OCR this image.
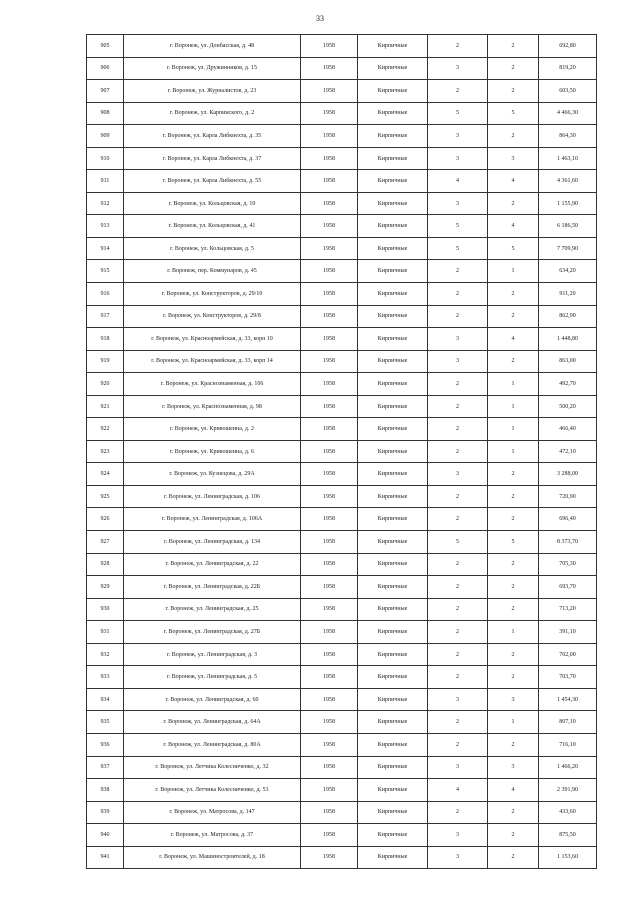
33
905	г. Воронеж, ул. Донбасская, д. 48	1958	Кирпичные	2	2	692,80
906	г. Воронеж, ул. Дружинников, д. 15	1958	Кирпичные	3	2	819,20
907	г. Воронеж, ул. Журналистов, д. 23	1958	Кирпичные	2	2	603,50
908	г. Воронеж, ул. Карпинского, д. 2	1958	Кирпичные	5	5	4 466,30
909	г. Воронеж, ул. Карла Либкнехта, д. 35	1958	Кирпичные	3	2	864,30
910	г. Воронеж, ул. Карла Либкнехта, д. 37	1958	Кирпичные	3	3	1 463,10
911	г. Воронеж, ул. Карла Либкнехта, д. 55	1958	Кирпичные	4	4	4 361,60
912	г. Воронеж, ул. Кольцовская, д. 10	1958	Кирпичные	3	2	1 155,90
913	г. Воронеж, ул. Кольцовская, д. 41	1958	Кирпичные	5	4	6 186,50
914	г. Воронеж, ул. Кольцовская, д. 5	1958	Кирпичные	5	5	7 709,90
915	г. Воронеж, пер. Коммунаров, д. 45	1958	Кирпичные	2	1	634,20
916	г. Воронеж, ул. Конструкторов, д. 29/10	1958	Кирпичные	2	2	911,20
917	г. Воронеж, ул. Конструкторов, д. 29/8	1958	Кирпичные	2	2	862,90
918	г. Воронеж, ул. Красноармейская, д. 33, корп 10	1958	Кирпичные	3	4	1 448,80
919	г. Воронеж, ул. Красноармейская, д. 33, корп 14	1958	Кирпичные	3	2	863,00
920	г. Воронеж, ул. Краснознаменная, д. 106	1958	Кирпичные	2	1	492,70
921	г. Воронеж, ул. Краснознаменная, д. 98	1958	Кирпичные	2	1	500,20
922	г. Воронеж, ул. Кривошеина, д. 2	1958	Кирпичные	2	1	466,40
923	г. Воронеж, ул. Кривошеина, д. 6	1958	Кирпичные	2	1	472,10
924	г. Воронеж, ул. Кузнецова, д. 29А	1958	Кирпичные	3	2	3 288,00
925	г. Воронеж, ул. Ленинградская, д. 106	1958	Кирпичные	2	2	720,90
926	г. Воронеж, ул. Ленинградская, д. 106А	1958	Кирпичные	2	2	696,40
927	г. Воронеж, ул. Ленинградская, д. 134	1958	Кирпичные	5	5	8 373,70
928	г. Воронеж, ул. Ленинградская, д. 22	1958	Кирпичные	2	2	705,30
929	г. Воронеж, ул. Ленинградская, д. 22Б	1958	Кирпичные	2	2	693,70
930	г. Воронеж, ул. Ленинградская, д. 25	1958	Кирпичные	2	2	713,20
931	г. Воронеж, ул. Ленинградская, д. 27Б	1958	Кирпичные	2	1	391,10
932	г. Воронеж, ул. Ленинградская, д. 3	1958	Кирпичные	2	2	702,00
933	г. Воронеж, ул. Ленинградская, д. 5	1958	Кирпичные	2	2	703,70
934	г. Воронеж, ул. Ленинградская, д. 60	1958	Кирпичные	3	3	1 454,30
935	г. Воронеж, ул. Ленинградская, д. 64А	1958	Кирпичные	2	1	807,10
936	г. Воронеж, ул. Ленинградская, д. 80А	1958	Кирпичные	2	2	716,10
937	г. Воронеж, ул. Летчика Колесниченко, д. 32	1958	Кирпичные	3	3	1 466,20
938	г. Воронеж, ул. Летчика Колесниченко, д. 53	1958	Кирпичные	4	4	2 391,90
939	г. Воронеж, ул. Матросова, д. 147	1958	Кирпичные	2	2	433,60
940	г. Воронеж, ул. Матросова, д. 37	1958	Кирпичные	3	2	875,50
941	г. Воронеж, ул. Машиностроителей, д. 18	1958	Кирпичные	3	2	1 153,60
